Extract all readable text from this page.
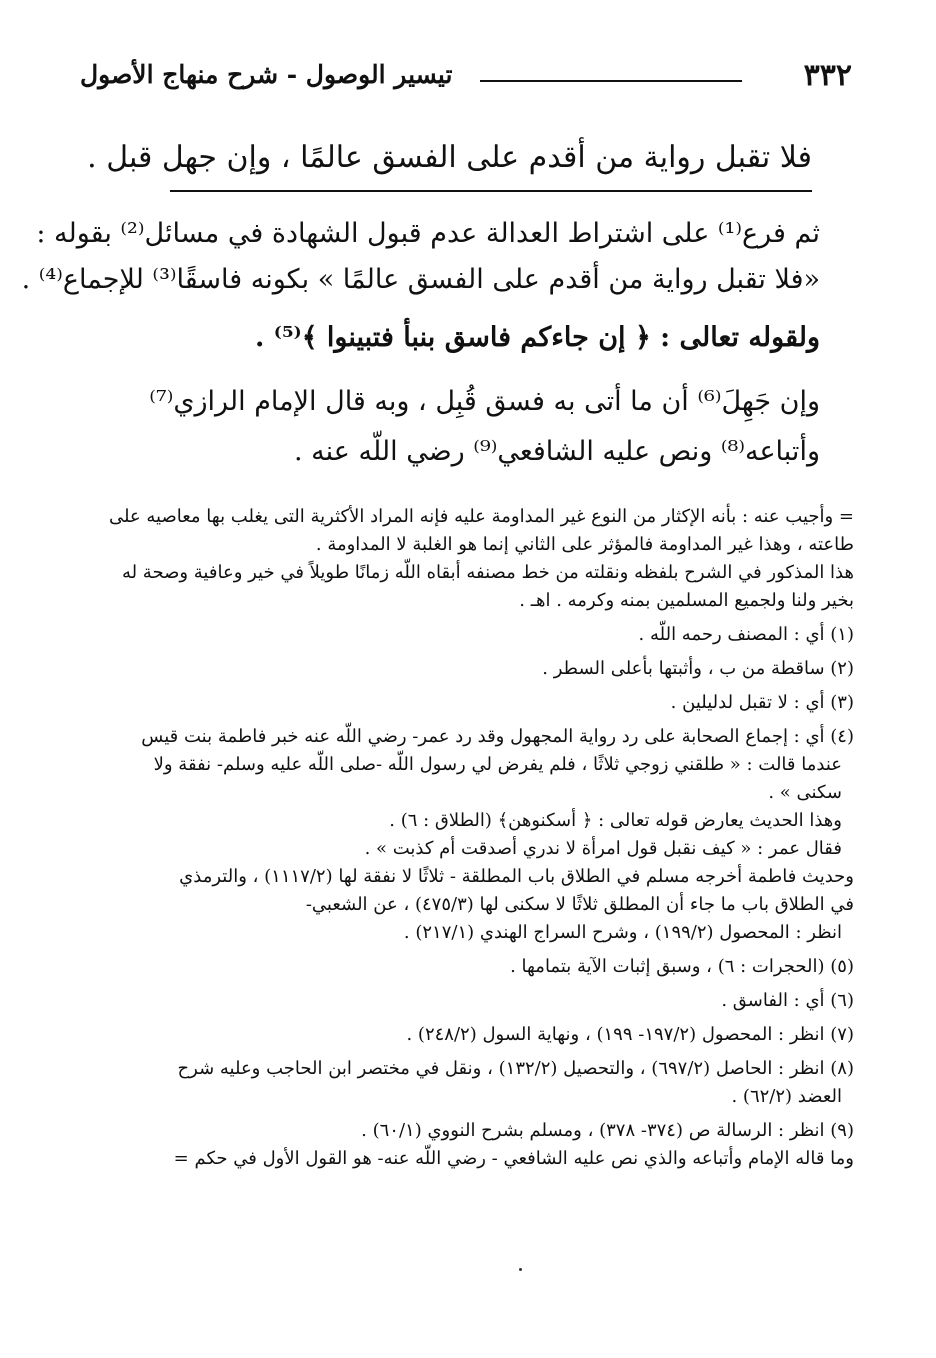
٣٣٢
تيسير الوصول - شرح منهاج الأصول
فلا تقبل رواية من أقدم على الفسق عالمًا ، وإن جهل قبل .
ثم فرع⁽¹⁾ على اشتراط العدالة عدم قبول الشهادة في مسائل⁽²⁾ بقوله :
«فلا تقبل رواية من أقدم على الفسق عالمًا » بكونه فاسقًا⁽³⁾ للإجماع⁽⁴⁾ .
ولقوله تعالى : ﴿ إن جاءكم فاسق بنبأ فتبينوا ﴾⁽⁵⁾ .
وإن جَهِلَ⁽⁶⁾ أن ما أتى به فسق قُبِل ، وبه قال الإمام الرازي⁽⁷⁾
وأتباعه⁽⁸⁾ ونص عليه الشافعي⁽⁹⁾ رضي اللّه عنه .
= وأجيب عنه : بأنه الإكثار من النوع غير المداومة عليه فإنه المراد الأكثرية التى يغلب بها معاصيه على
طاعته ، وهذا غير المداومة فالمؤثر على الثاني إنما هو الغلبة لا المداومة .
هذا المذكور في الشرح بلفظه ونقلته من خط مصنفه أبقاه اللّه زمانًا طويلاً في خير وعافية وصحة له
بخير ولنا ولجميع المسلمين بمنه وكرمه . اهـ .
(١) أي : المصنف رحمه اللّه .
(٢) ساقطة من ب ، وأثبتها بأعلى السطر .
(٣) أي : لا تقبل لدليلين .
(٤) أي : إجماع الصحابة على رد رواية المجهول وقد رد عمر- رضي اللّه عنه خبر فاطمة بنت قيس
عندما قالت : « طلقني زوجي ثلاثًا ، فلم يفرض لي رسول اللّه -صلى اللّه عليه وسلم- نفقة ولا
سكنى » .
وهذا الحديث يعارض قوله تعالى : ﴿ أسكنوهن﴾ (الطلاق : ٦) .
فقال عمر : « كيف نقبل قول امرأة لا ندري أصدقت أم كذبت » .
وحديث فاطمة أخرجه مسلم في الطلاق باب المطلقة - ثلاثًا لا نفقة لها (١١١٧/٢) ، والترمذي
في الطلاق باب ما جاء أن المطلق ثلاثًا لا سكنى لها (٤٧٥/٣) ، عن الشعبي-
انظر : المحصول (١٩٩/٢) ، وشرح السراج الهندي (٢١٧/١) .
(٥) (الحجرات : ٦) ، وسبق إثبات الآية بتمامها .
(٦) أي : الفاسق .
(٧) انظر : المحصول (١٩٧/٢- ١٩٩) ، ونهاية السول (٢٤٨/٢) .
(٨) انظر : الحاصل (٦٩٧/٢) ، والتحصيل (١٣٢/٢) ، ونقل في مختصر ابن الحاجب وعليه شرح
العضد (٦٢/٢) .
(٩) انظر : الرسالة ص (٣٧٤- ٣٧٨) ، ومسلم بشرح النووي (٦٠/١) .
وما قاله الإمام وأتباعه والذي نص عليه الشافعي - رضي اللّه عنه- هو القول الأول في حكم =
